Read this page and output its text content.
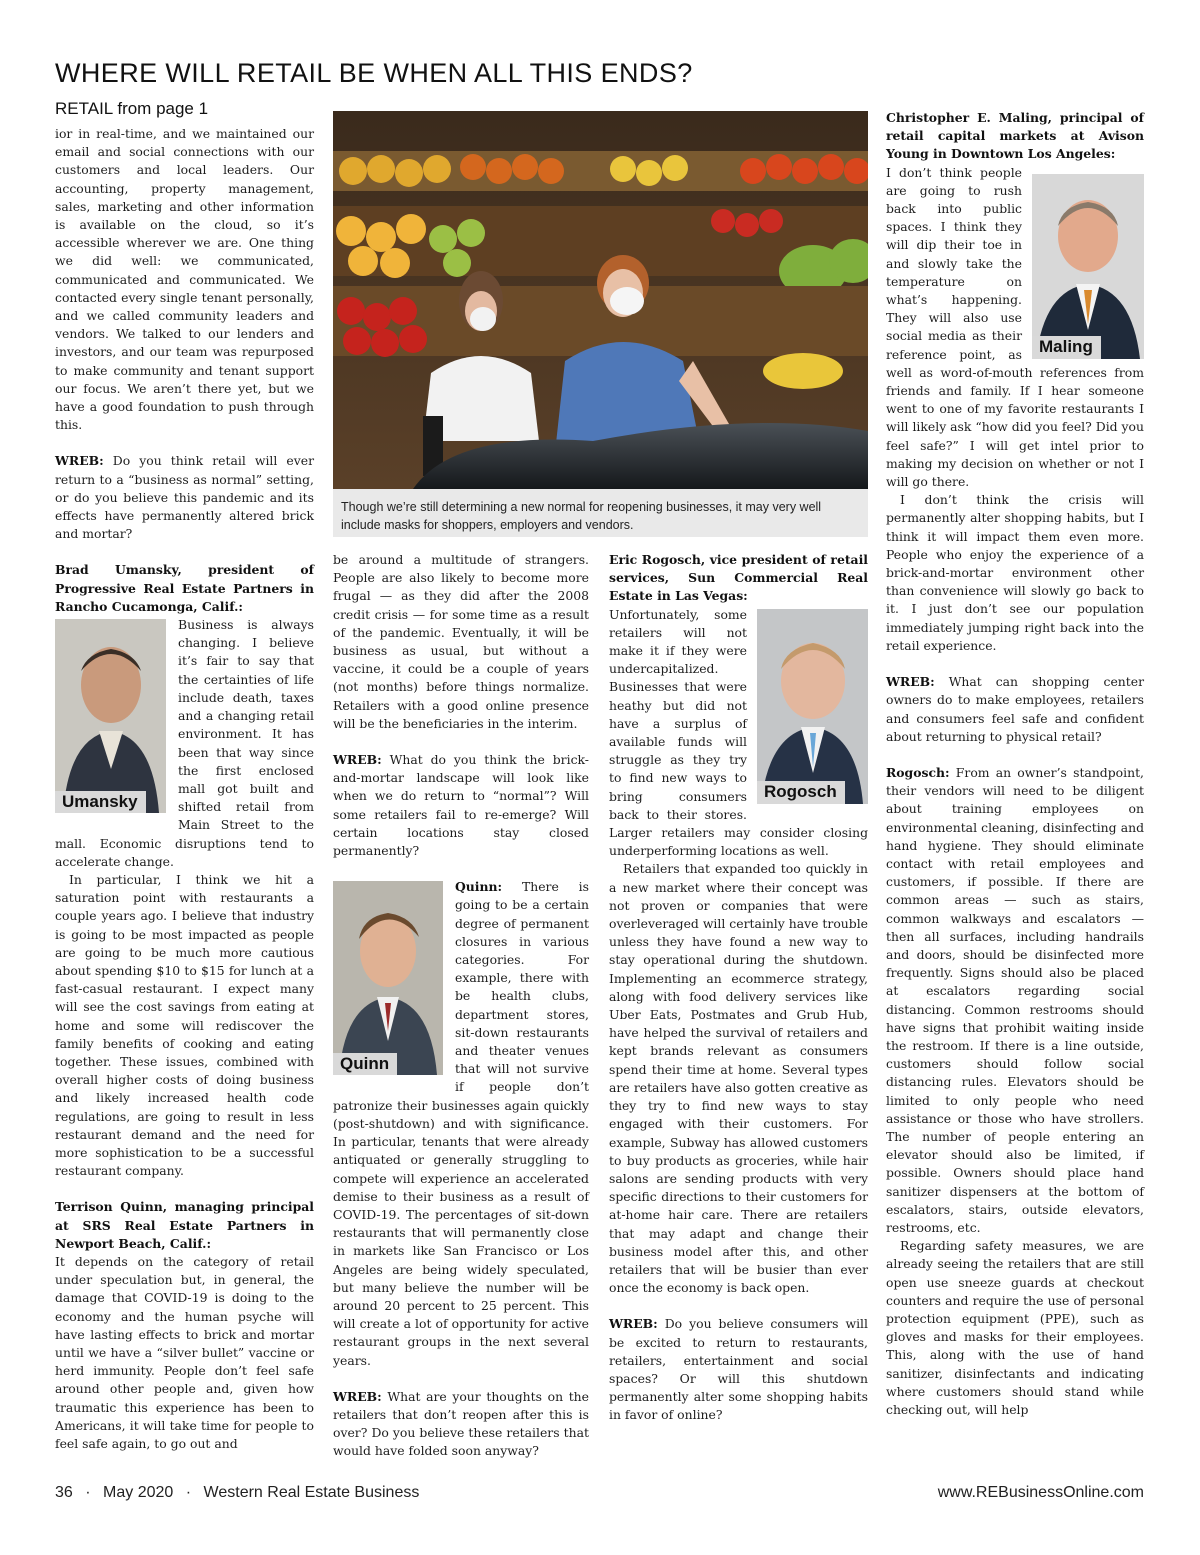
WHERE WILL RETAIL BE WHEN ALL THIS ENDS?
RETAIL from page 1
Though we’re still determining a new normal for reopening businesses, it may very well include masks for shoppers, employers and vendors.

ior in real-time, and we maintained our email and social connections with our customers and local leaders. Our accounting, property management, sales, marketing and other information is available on the cloud, so it’s accessible wherever we are. One thing we did well: we communicated, communicated and communicated. We contacted every single tenant personally, and we called community leaders and vendors. We talked to our lenders and investors, and our team was repurposed to make community and tenant support our focus. We aren’t there yet, but we have a good foundation to push through this.

WREB: Do you think retail will ever return to a “business as normal” setting, or do you believe this pandemic and its effects have permanently altered brick and mortar?

Brad Umansky, president of Progressive Real Estate Partners in Rancho Cucamonga, Calif.:

Umansky

Business is always changing. I believe it’s fair to say that the certainties of life include death, taxes and a changing retail environment. It has been that way since the first enclosed mall got built and shifted retail from Main Street to the mall. Economic disruptions tend to accelerate change.

In particular, I think we hit a saturation point with restaurants a couple years ago. I believe that industry is going to be most impacted as people are going to be much more cautious about spending $10 to $15 for lunch at a fast-casual restaurant. I expect many will see the cost savings from eating at home and some will rediscover the family benefits of cooking and eating together. These issues, combined with overall higher costs of doing business and likely increased health code regulations, are going to result in less restaurant demand and the need for more sophistication to be a successful restaurant company.

Terrison Quinn, managing principal at SRS Real Estate Partners in Newport Beach, Calif.:

It depends on the category of retail under speculation but, in general, the damage that COVID-19 is doing to the economy and the human psyche will have lasting effects to brick and mortar until we have a “silver bullet” vaccine or herd immunity. People don’t feel safe around other people and, given how traumatic this experience has been to Americans, it will take time for people to feel safe again, to go out and

be around a multitude of strangers. People are also likely to become more frugal — as they did after the 2008 credit crisis — for some time as a result of the pandemic. Eventually, it will be business as usual, but without a vaccine, it could be a couple of years (not months) before things normalize. Retailers with a good online presence will be the beneficiaries in the interim.

WREB: What do you think the brick-and-mortar landscape will look like when we do return to “normal”? Will some retailers fail to re-emerge? Will certain locations stay closed permanently?

Quinn

Quinn: There is going to be a certain degree of permanent closures in various categories. For example, there with be health clubs, department stores, sit-down restaurants and theater venues that will not survive if people don’t patronize their businesses again quickly (post-shutdown) and with significance. In particular, tenants that were already antiquated or generally struggling to compete will experience an accelerated demise to their business as a result of COVID-19. The percentages of sit-down restaurants that will permanently close in markets like San Francisco or Los Angeles are being widely speculated, but many believe the number will be around 20 percent to 25 percent. This will create a lot of opportunity for active restaurant groups in the next several years.

WREB: What are your thoughts on the retailers that don’t reopen after this is over? Do you believe these retailers that would have folded soon anyway?

Eric Rogosch, vice president of retail services, Sun Commercial Real Estate in Las Vegas:

Rogosch

Unfortunately, some retailers will not make it if they were undercapitalized. Businesses that were heathy but did not have a surplus of available funds will struggle as they try to find new ways to bring consumers back to their stores. Larger retailers may consider closing underperforming locations as well.

Retailers that expanded too quickly in a new market where their concept was not proven or companies that were overleveraged will certainly have trouble unless they have found a new way to stay operational during the shutdown. Implementing an ecommerce strategy, along with food delivery services like Uber Eats, Postmates and Grub Hub, have helped the survival of retailers and kept brands relevant as consumers spend their time at home. Several types are retailers have also gotten creative as they try to find new ways to stay engaged with their customers. For example, Subway has allowed customers to buy products as groceries, while hair salons are sending products with very specific directions to their customers for at-home hair care. There are retailers that may adapt and change their business model after this, and other retailers that will be busier than ever once the economy is back open.

WREB: Do you believe consumers will be excited to return to restaurants, retailers, entertainment and social spaces? Or will this shutdown permanently alter some shopping habits in favor of online?

Christopher E. Maling, principal of retail capital markets at Avison Young in Downtown Los Angeles:

Maling

I don’t think people are going to rush back into public spaces. I think they will dip their toe in and slowly take the temperature on what’s happening. They will also use social media as their reference point, as well as word-of-mouth references from friends and family. If I hear someone went to one of my favorite restaurants I will likely ask “how did you feel? Did you feel safe?” I will get intel prior to making my decision on whether or not I will go there.

I don’t think the crisis will permanently alter shopping habits, but I think it will impact them even more. People who enjoy the experience of a brick-and-mortar environment other than convenience will slowly go back to it. I just don’t see our population immediately jumping right back into the retail experience.

WREB: What can shopping center owners do to make employees, retailers and consumers feel safe and confident about returning to physical retail?

Rogosch: From an owner’s standpoint, their vendors will need to be diligent about training employees on environmental cleaning, disinfecting and hand hygiene. They should eliminate contact with retail employees and customers, if possible. If there are common areas — such as stairs, common walkways and escalators — then all surfaces, including handrails and doors, should be disinfected more frequently. Signs should also be placed at escalators regarding social distancing. Common restrooms should have signs that prohibit waiting inside the restroom. If there is a line outside, customers should follow social distancing rules. Elevators should be limited to only people who need assistance or those who have strollers. The number of people entering an elevator should also be limited, if possible. Owners should place hand sanitizer dispensers at the bottom of escalators, stairs, outside elevators, restrooms, etc.

Regarding safety measures, we are already seeing the retailers that are still open use sneeze guards at checkout counters and require the use of personal protection equipment (PPE), such as gloves and masks for their employees. This, along with the use of hand sanitizer, disinfectants and indicating where customers should stand while checking out, will help

36 · May 2020 · Western Real Estate Business	www.REBusinessOnline.com
